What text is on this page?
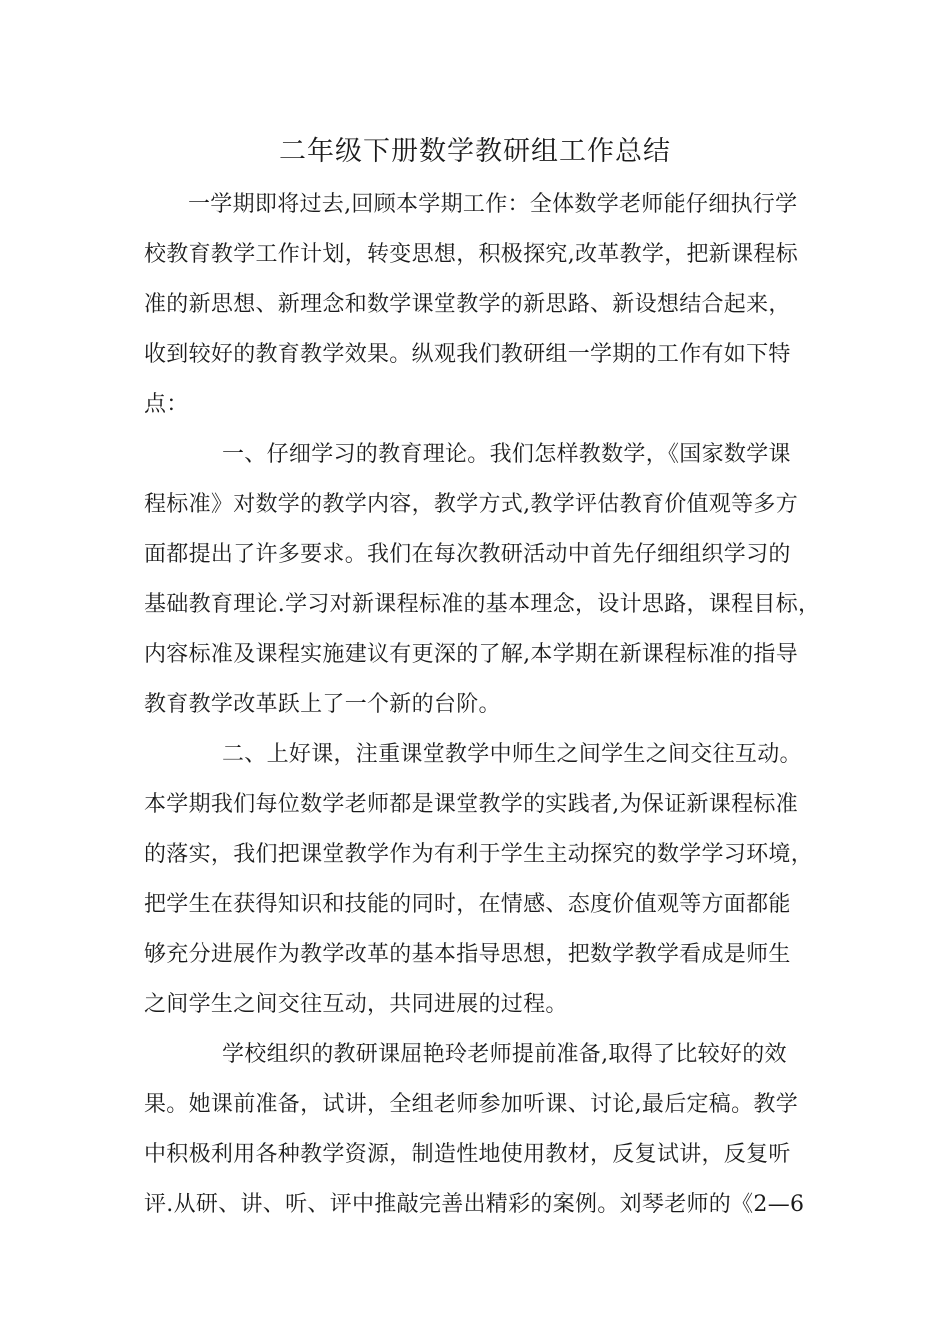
二年级下册数学教研组工作总结

一学期即将过去,回顾本学期工作：全体数学老师能仔细执行学

校教育教学工作计划，转变思想，积极探究,改革教学，把新课程标

准的新思想、新理念和数学课堂教学的新思路、新设想结合起来，

收到较好的教育教学效果。纵观我们教研组一学期的工作有如下特

点：

一、仔细学习的教育理论。我们怎样教数学，《国家数学课

程标准》对数学的教学内容，教学方式,教学评估教育价值观等多方

面都提出了许多要求。我们在每次教研活动中首先仔细组织学习的

基础教育理论.学习对新课程标准的基本理念，设计思路，课程目标，

内容标准及课程实施建议有更深的了解,本学期在新课程标准的指导

教育教学改革跃上了一个新的台阶。

二、上好课，注重课堂教学中师生之间学生之间交往互动。

本学期我们每位数学老师都是课堂教学的实践者,为保证新课程标准

的落实，我们把课堂教学作为有利于学生主动探究的数学学习环境，

把学生在获得知识和技能的同时，在情感、态度价值观等方面都能

够充分进展作为教学改革的基本指导思想，把数学教学看成是师生

之间学生之间交往互动，共同进展的过程。

学校组织的教研课屈艳玲老师提前准备,取得了比较好的效

果。她课前准备，试讲，全组老师参加听课、讨论,最后定稿。教学

中积极利用各种教学资源，制造性地使用教材，反复试讲，反复听

评.从研、讲、听、评中推敲完善出精彩的案例。刘琴老师的《2—6
